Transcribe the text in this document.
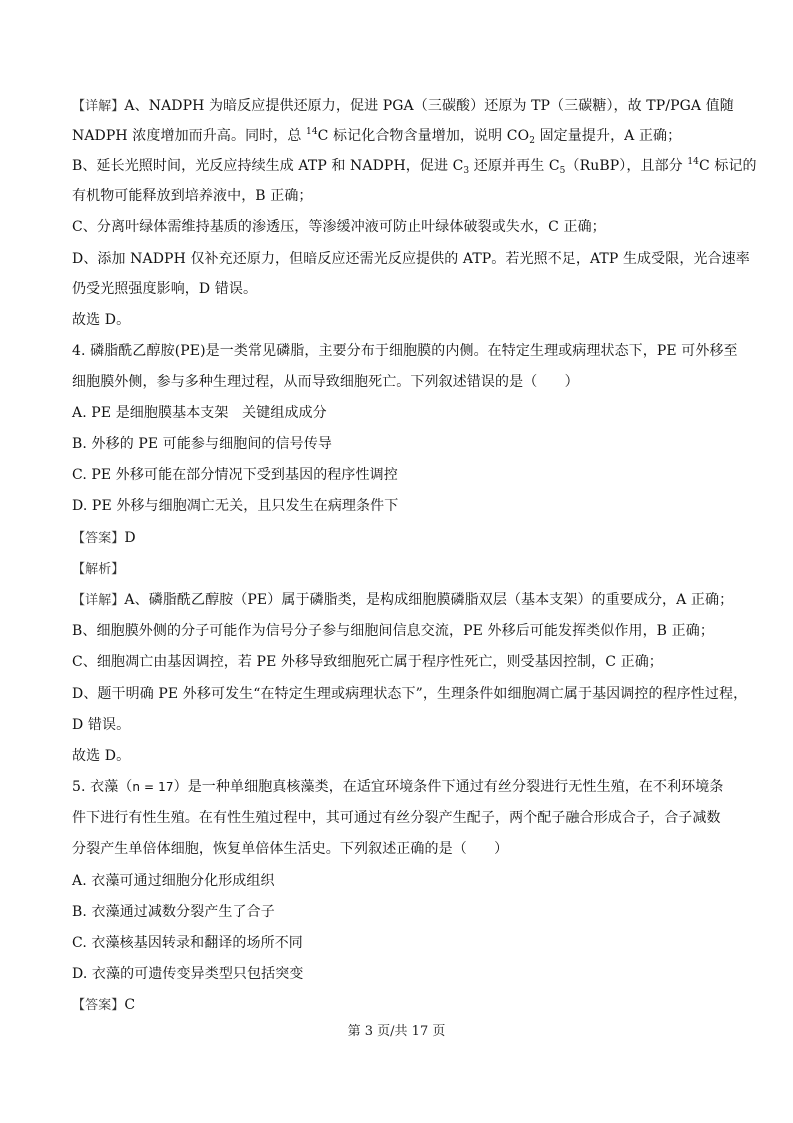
【详解】A、NADPH 为暗反应提供还原力，促进 PGA（三碳酸）还原为 TP（三碳糖），故 TP/PGA 值随
NADPH 浓度增加而升高。同时，总 $^{14}$C 标记化合物含量增加，说明 $CO_2$ 固定量提升，A 正确；
B、延长光照时间，光反应持续生成 ATP 和 NADPH，促进 $C_3$ 还原并再生 $C_5(RuBP)$，且部分 $^{14}$C 标记的
有机物可能释放到培养液中，B 正确；
C、分离叶绿体需维持基质的渗透压，等渗缓冲液可防止叶绿体破裂或失水，C 正确；
D、添加 NADPH 仅补充还原力，但暗反应还需光反应提供的 ATP。若光照不足，ATP 生成受限，光合速率
仍受光照强度影响，D 错误。
故选 D。
4. 磷脂酰乙醇胺(PE)是一类常见磷脂，主要分布于细胞膜的内侧。在特定生理或病理状态下，PE 可外移至
细胞膜外侧，参与多种生理过程，从而导致细胞死亡。下列叙述错误的是（      ）
A. PE 是细胞膜基本支架   关键组成成分
B. 外移的 PE 可能参与细胞间的信号传导
C. PE 外移可能在部分情况下受到基因的程序性调控
D. PE 外移与细胞凋亡无关，且只发生在病理条件下
【答案】D
【解析】
【详解】A、磷脂酰乙醇胺（PE）属于磷脂类，是构成细胞膜磷脂双层（基本支架）的重要成分，A 正确；
B、细胞膜外侧的分子可能作为信号分子参与细胞间信息交流，PE 外移后可能发挥类似作用，B 正确；
C、细胞凋亡由基因调控，若 PE 外移导致细胞死亡属于程序性死亡，则受基因控制，C 正确；
D、题干明确 PE 外移可发生“在特定生理或病理状态下”，生理条件如细胞凋亡属于基因调控的程序性过程，
D 错误。
故选 D。
5. 衣藻（n = 17）是一种单细胞真核藻类，在适宜环境条件下通过有丝分裂进行无性生殖，在不利环境条
件下进行有性生殖。在有性生殖过程中，其可通过有丝分裂产生配子，两个配子融合形成合子，合子减数
分裂产生单倍体细胞，恢复单倍体生活史。下列叙述正确的是（      ）
A. 衣藻可通过细胞分化形成组织
B. 衣藻通过减数分裂产生了合子
C. 衣藻核基因转录和翻译的场所不同
D. 衣藻的可遗传变异类型只包括突变
【答案】C
第 3 页/共 17 页
